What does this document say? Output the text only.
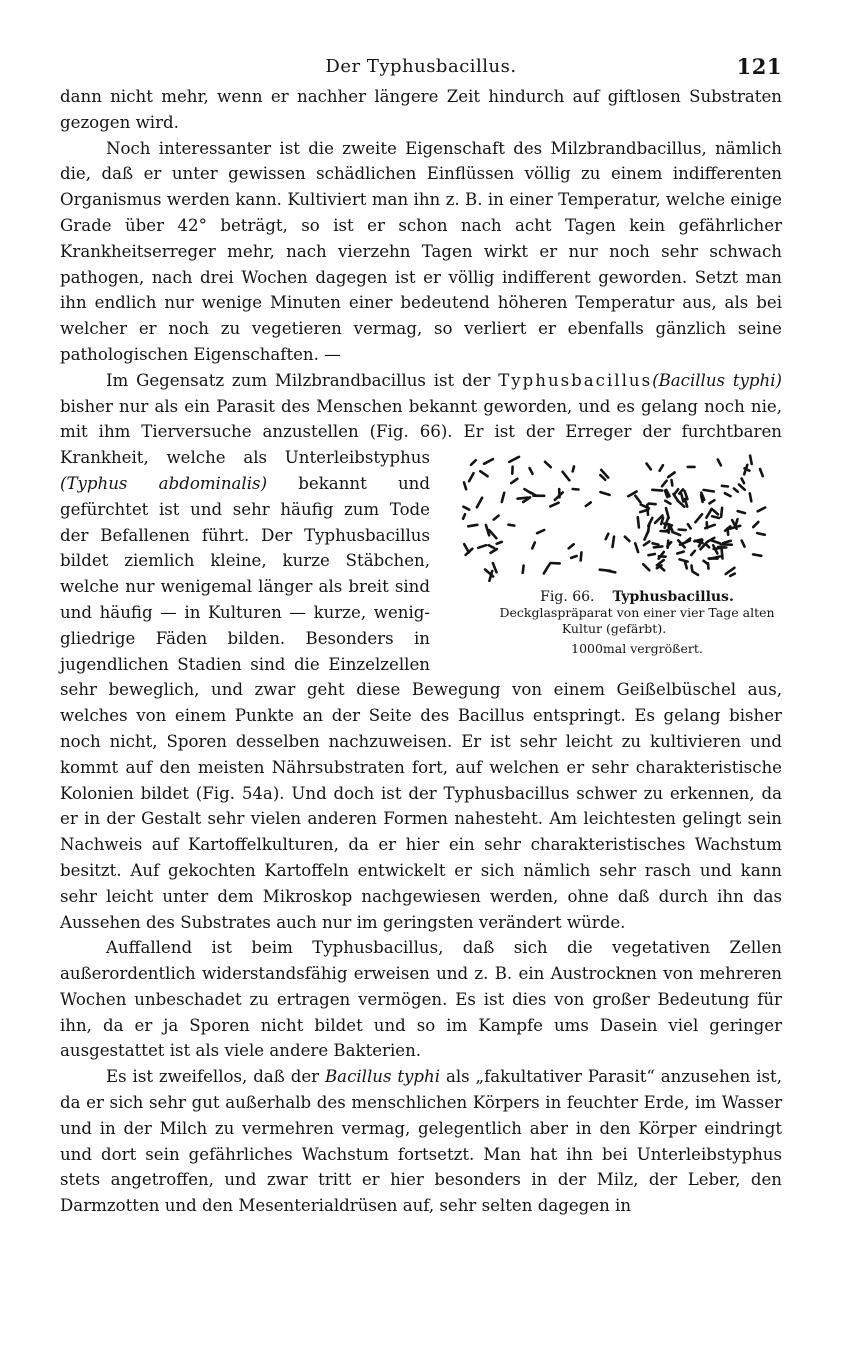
Der Typhusbacillus.	121

dann nicht mehr, wenn er nachher längere Zeit hindurch auf giftlosen Substraten gezogen wird.

Noch interessanter ist die zweite Eigenschaft des Milzbrandbacillus, nämlich die, daß er unter gewissen schädlichen Einflüssen völlig zu einem indifferenten Organismus werden kann. Kultiviert man ihn z. B. in einer Temperatur, welche einige Grade über 42° beträgt, so ist er schon nach acht Tagen kein gefährlicher Krankheitserreger mehr, nach vierzehn Tagen wirkt er nur noch sehr schwach pathogen, nach drei Wochen dagegen ist er völlig indifferent geworden. Setzt man ihn endlich nur wenige Minuten einer bedeutend höheren Temperatur aus, als bei welcher er noch zu vegetieren vermag, so verliert er ebenfalls gänzlich seine pathologischen Eigenschaften. —

Im Gegensatz zum Milzbrandbacillus ist der Typhusbacillus(Bacillus typhi) bisher nur als ein Parasit des Menschen bekannt geworden, und es gelang noch nie, mit ihm Tierversuche anzustellen (Fig. 66). Er ist der Erreger der furchtbaren Krankheit, welche als Unterleibstyphus
Fig. 66. Typhusbacillus.
Deckglaspräparat von einer vier Tage alten Kultur (gefärbt).
1000mal vergrößert.
(Typhus abdominalis) bekannt und gefürchtet ist und sehr häufig zum Tode der Befallenen führt. Der Typhusbacillus bildet ziemlich kleine, kurze Stäbchen, welche nur wenigemal länger als breit sind und häufig — in Kulturen — kurze, wenig-gliedrige Fäden bilden. Besonders in jugendlichen Stadien sind die Einzelzellen sehr beweglich, und zwar geht diese Bewegung von einem Geißelbüschel aus, welches von einem Punkte an der Seite des Bacillus entspringt. Es gelang bisher noch nicht, Sporen desselben nachzuweisen. Er ist sehr leicht zu kultivieren und kommt auf den meisten Nährsubstraten fort, auf welchen er sehr charakteristische Kolonien bildet (Fig. 54a). Und doch ist der Typhusbacillus schwer zu erkennen, da er in der Gestalt sehr vielen anderen Formen nahesteht. Am leichtesten gelingt sein Nachweis auf Kartoffelkulturen, da er hier ein sehr charakteristisches Wachstum besitzt. Auf gekochten Kartoffeln entwickelt er sich nämlich sehr rasch und kann sehr leicht unter dem Mikroskop nachgewiesen werden, ohne daß durch ihn das Aussehen des Substrates auch nur im geringsten verändert würde.

Auffallend ist beim Typhusbacillus, daß sich die vegetativen Zellen außerordentlich widerstandsfähig erweisen und z. B. ein Austrocknen von mehreren Wochen unbeschadet zu ertragen vermögen. Es ist dies von großer Bedeutung für ihn, da er ja Sporen nicht bildet und so im Kampfe ums Dasein viel geringer ausgestattet ist als viele andere Bakterien.

Es ist zweifellos, daß der Bacillus typhi als „fakultativer Parasit“ anzusehen ist, da er sich sehr gut außerhalb des menschlichen Körpers in feuchter Erde, im Wasser und in der Milch zu vermehren vermag, gelegentlich aber in den Körper eindringt und dort sein gefährliches Wachstum fortsetzt. Man hat ihn bei Unterleibstyphus stets angetroffen, und zwar tritt er hier besonders in der Milz, der Leber, den Darmzotten und den Mesenterialdrüsen auf, sehr selten dagegen in
